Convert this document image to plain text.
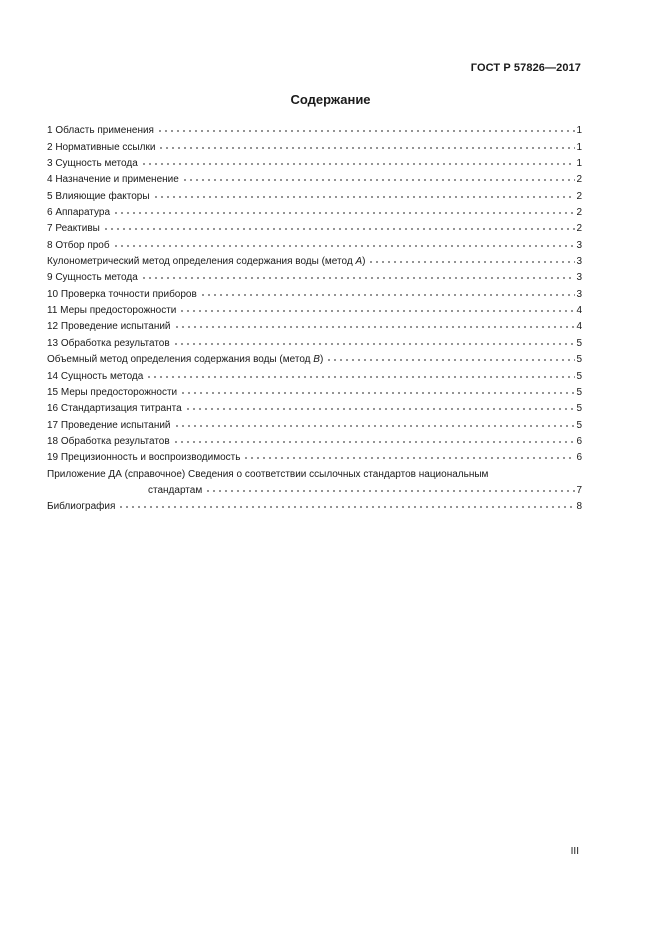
ГОСТ Р 57826—2017
Содержание
1 Область применения	1
2 Нормативные ссылки	1
3 Сущность метода	1
4 Назначение и применение	2
5 Влияющие факторы	2
6 Аппаратура	2
7 Реактивы	2
8 Отбор проб	3
Кулонометрический метод определения содержания воды (метод А)	3
9 Сущность метода	3
10 Проверка точности приборов	3
11 Меры предосторожности	4
12 Проведение испытаний	4
13 Обработка результатов	5
Объемный метод определения содержания воды (метод В)	5
14 Сущность метода	5
15 Меры предосторожности	5
16 Стандартизация титранта	5
17 Проведение испытаний	5
18 Обработка результатов	6
19 Прецизионность и воспроизводимость	6
Приложение ДА (справочное) Сведения о соответствии ссылочных стандартов национальным
стандартам	7
Библиография	8
III
